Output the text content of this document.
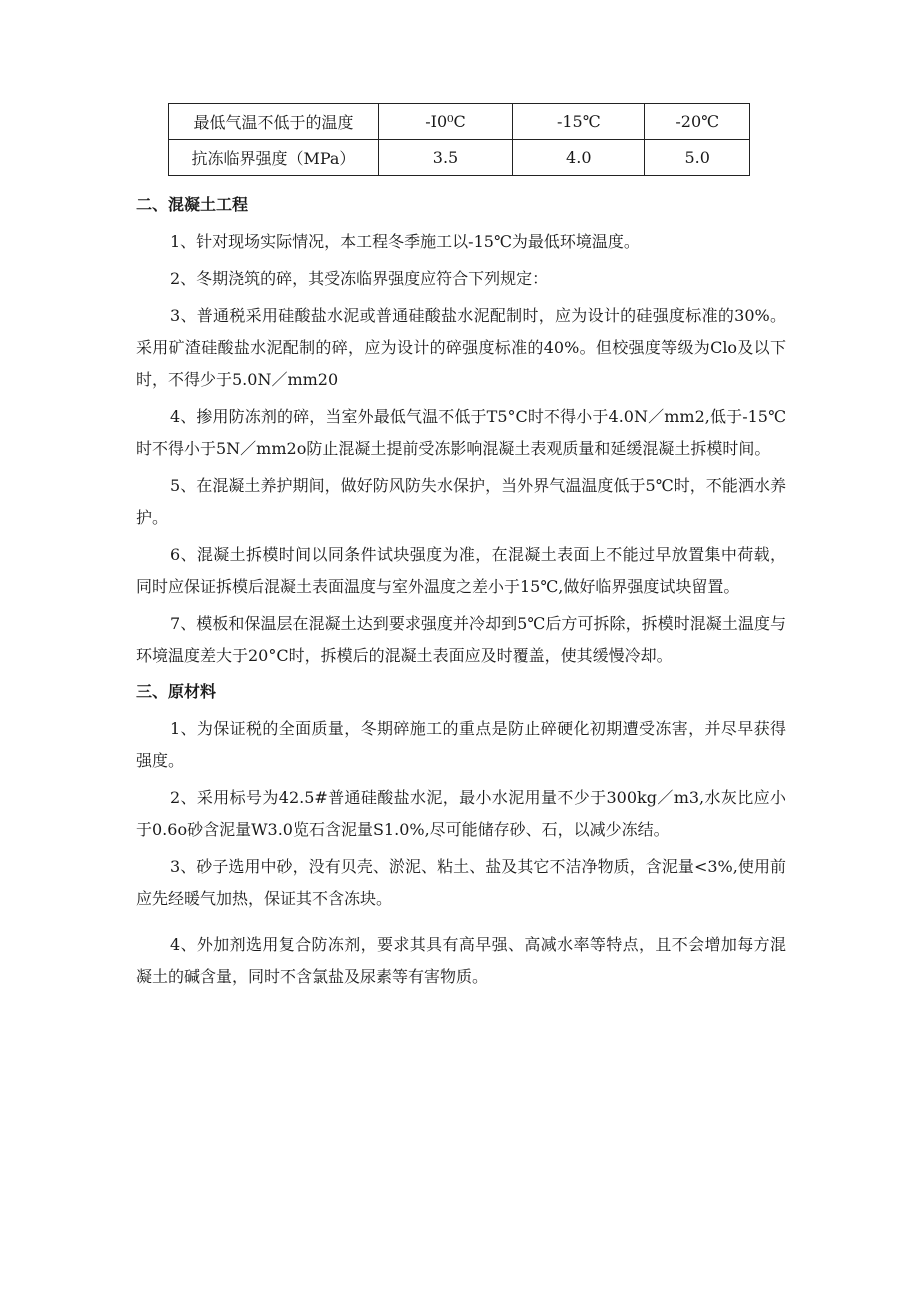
最低气温不低于的温度	-I0⁰C	-15℃	-20℃
抗冻临界强度（MPa）	3.5	4.0	5.0
二、混凝土工程

1、针对现场实际情况，本工程冬季施工以-15℃为最低环境温度。

2、冬期浇筑的碎，其受冻临界强度应符合下列规定：

3、普通税采用硅酸盐水泥或普通硅酸盐水泥配制时，应为设计的硅强度标准的30%。采用矿渣硅酸盐水泥配制的碎，应为设计的碎强度标准的40%。但校强度等级为Clo及以下时，不得少于5.0N／mm20

4、掺用防冻剂的碎，当室外最低气温不低于T5°C时不得小于4.0N／mm2,低于-15℃时不得小于5N／mm2o防止混凝土提前受冻影响混凝土表观质量和延缓混凝土拆模时间。

5、在混凝土养护期间，做好防风防失水保护，当外界气温温度低于5℃时，不能洒水养护。

6、混凝土拆模时间以同条件试块强度为准，在混凝土表面上不能过早放置集中荷载，同时应保证拆模后混凝土表面温度与室外温度之差小于15℃,做好临界强度试块留置。

7、模板和保温层在混凝土达到要求强度并冷却到5℃后方可拆除，拆模时混凝土温度与环境温度差大于20°C时，拆模后的混凝土表面应及时覆盖，使其缓慢冷却。

三、原材料

1、为保证税的全面质量，冬期碎施工的重点是防止碎硬化初期遭受冻害，并尽早获得强度。

2、采用标号为42.5#普通硅酸盐水泥，最小水泥用量不少于300kg／m3,水灰比应小于0.6o砂含泥量W3.0览石含泥量S1.0%,尽可能储存砂、石，以减少冻结。

3、砂子选用中砂，没有贝壳、淤泥、粘土、盐及其它不洁净物质，含泥量<3%,使用前应先经暖气加热，保证其不含冻块。

4、外加剂选用复合防冻剂，要求其具有高早强、高减水率等特点，且不会增加每方混凝土的碱含量，同时不含氯盐及尿素等有害物质。
